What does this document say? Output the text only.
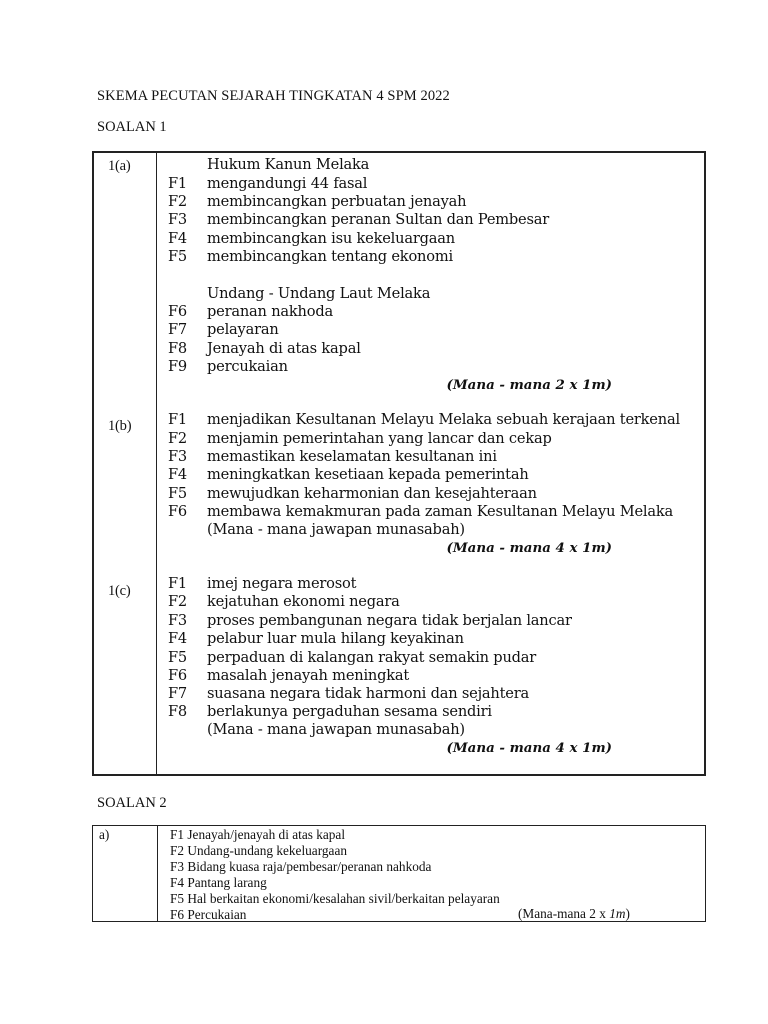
SKEMA PECUTAN SEJARAH TINGKATAN 4 SPM 2022
SOALAN 1
1(a)	Hukum Kanun Melaka
F1 mengandungi 44 fasal
F2 membincangkan perbuatan jenayah
F3 membincangkan peranan Sultan dan Pembesar
F4 membincangkan isu kekeluargaan
F5 membincangkan tentang ekonomi
Undang - Undang Laut Melaka
F6 peranan nakhoda
F7 pelayaran
F8 Jenayah di atas kapal
F9 percukaian
(Mana - mana 2 x 1m)
1(b)	F1 menjadikan Kesultanan Melayu Melaka sebuah kerajaan terkenal
F2 menjamin pemerintahan yang lancar dan cekap
F3 memastikan keselamatan kesultanan ini
F4 meningkatkan kesetiaan kepada pemerintah
F5 mewujudkan keharmonian dan kesejahteraan
F6 membawa kemakmuran pada zaman Kesultanan Melayu Melaka
(Mana - mana jawapan munasabah)
(Mana - mana 4 x 1m)
1(c)	F1 imej negara merosot
F2 kejatuhan ekonomi negara
F3 proses pembangunan negara tidak berjalan lancar
F4 pelabur luar mula hilang keyakinan
F5 perpaduan di kalangan rakyat semakin pudar
F6 masalah jenayah meningkat
F7 suasana negara tidak harmoni dan sejahtera
F8 berlakunya pergaduhan sesama sendiri
(Mana - mana jawapan munasabah)
(Mana - mana 4 x 1m)
SOALAN 2
a)	F1 Jenayah/jenayah di atas kapal
F2 Undang-undang kekeluargaan
F3 Bidang kuasa raja/pembesar/peranan nahkoda
F4 Pantang larang
F5 Hal berkaitan ekonomi/kesalahan sivil/berkaitan pelayaran
F6 Percukaian	(Mana-mana 2 x 1m)
